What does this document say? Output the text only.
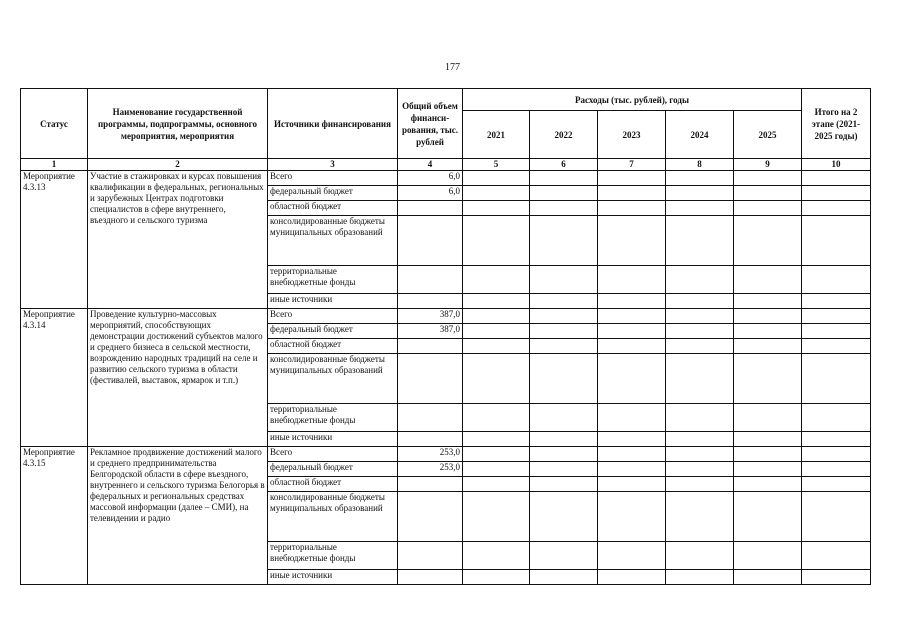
177
Статус	Наименование государственной программы, подпрограммы, основного мероприятия, мероприятия	Источники финансирования	Общий объем финанси-рования, тыс. рублей	Расходы (тыс. рублей), годы					Итого на 2 этапе (2021-2025 годы)
				2021	2022	2023	2024	2025	
1	2	3	4	5	6	7	8	9	10
Мероприятие 4.3.13	Участие в стажировках и курсах повышения квалификации в федеральных, региональных и зарубежных Центрах подготовки специалистов в сфере внутреннего, въездного и сельского туризма	Всего	6,0						
		федеральный бюджет	6,0						
		областной бюджет							
		консолидированные бюджеты муниципальных образований							
		территориальные внебюджетные фонды							
		иные источники							
Мероприятие 4.3.14	Проведение культурно-массовых мероприятий, способствующих демонстрации достижений субъектов малого и среднего бизнеса в сельской местности, возрождению народных традиций на селе и развитию сельского туризма в области (фестивалей, выставок, ярмарок и т.п.)	Всего	387,0						
		федеральный бюджет	387,0						
		областной бюджет							
		консолидированные бюджеты муниципальных образований							
		территориальные внебюджетные фонды							
		иные источники							
Мероприятие 4.3.15	Рекламное продвижение достижений малого и среднего предпринимательства Белгородской области в сфере въездного, внутреннего и сельского туризма Белогорья в федеральных и региональных средствах массовой информации (далее – СМИ), на телевидении и радио	Всего	253,0						
		федеральный бюджет	253,0						
		областной бюджет							
		консолидированные бюджеты муниципальных образований							
		территориальные внебюджетные фонды							
		иные источники							
